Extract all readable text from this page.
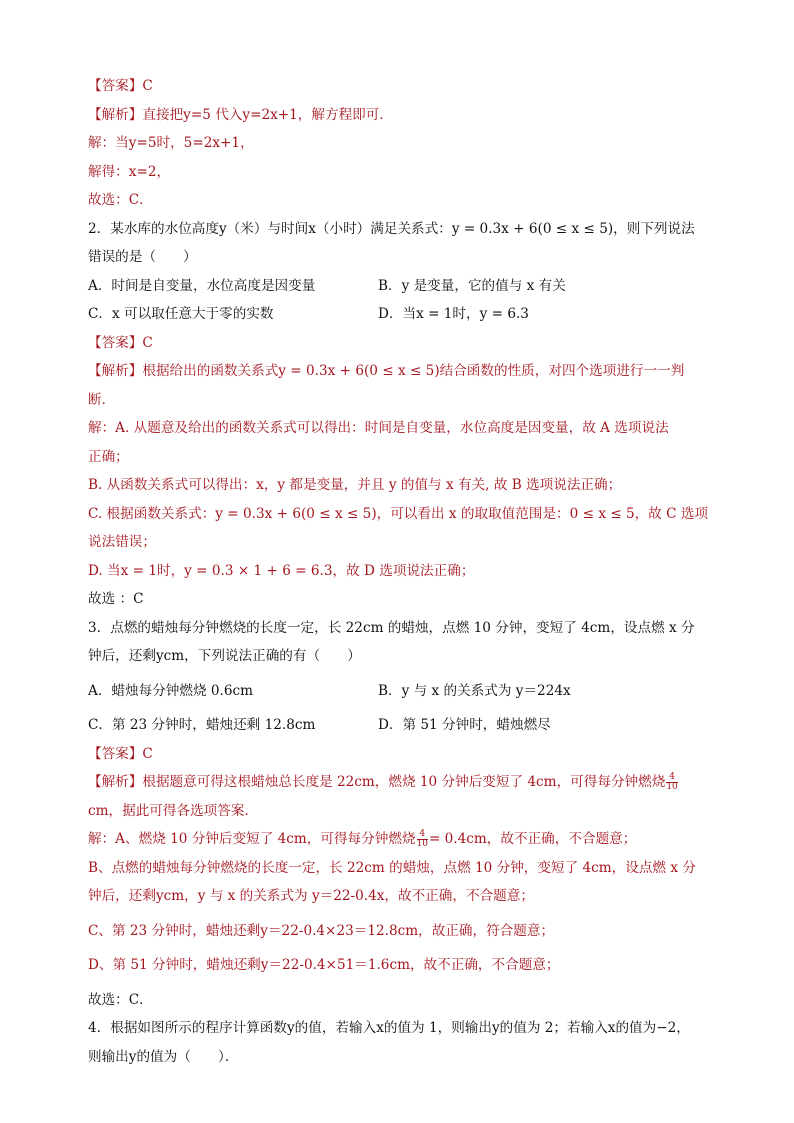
【答案】C
【解析】直接把y=5 代入y=2x+1，解方程即可．
解：当y=5时，5=2x+1，
解得：x=2，
故选：C．
2．某水库的水位高度y（米）与时间x（小时）满足关系式：y = 0.3x + 6(0 ≤ x ≤ 5)，则下列说法
错误的是（　　）
A．时间是自变量，水位高度是因变量	B．y 是变量，它的值与 x 有关
C．x 可以取任意大于零的实数	D．当x = 1时，y = 6.3
【答案】C
【解析】根据给出的函数关系式y = 0.3x + 6(0 ≤ x ≤ 5)结合函数的性质，对四个选项进行一一判
断．
解：A. 从题意及给出的函数关系式可以得出：时间是自变量，水位高度是因变量，故 A 选项说法
正确；
B. 从函数关系式可以得出：x，y 都是变量，并且 y 的值与 x 有关, 故 B 选项说法正确；
C. 根据函数关系式：y = 0.3x + 6(0 ≤ x ≤ 5)，可以看出 x 的取取值范围是：0 ≤ x ≤ 5，故 C 选项
说法错误；
D. 当x = 1时，y = 0.3 × 1 + 6 = 6.3，故 D 选项说法正确；
故选 ：C
3．点燃的蜡烛每分钟燃烧的长度一定，长 22cm 的蜡烛，点燃 10 分钟，变短了 4cm，设点燃 x 分
钟后，还剩ycm，下列说法正确的有（　　）
A．蜡烛每分钟燃烧 0.6cm	B．y 与 x 的关系式为 y＝224x
C．第 23 分钟时，蜡烛还剩 12.8cm	D．第 51 分钟时，蜡烛燃尽
【答案】C
【解析】根据题意可得这根蜡烛总长度是 22cm，燃烧 10 分钟后变短了 4cm，可得每分钟燃烧 $\frac{4}{10}$
cm，据此可得各选项答案．
解：A、燃烧 10 分钟后变短了 4cm，可得每分钟燃烧 $\frac{4}{10} = 0.4cm$，故不正确，不合题意；
B、点燃的蜡烛每分钟燃烧的长度一定，长 22cm 的蜡烛，点燃 10 分钟，变短了 4cm，设点燃 x 分
钟后，还剩ycm，y 与 x 的关系式为 y＝22-0.4x，故不正确，不合题意；
C、第 23 分钟时，蜡烛还剩y＝22-0.4×23＝12.8cm，故正确，符合题意；
D、第 51 分钟时，蜡烛还剩y＝22-0.4×51＝1.6cm，故不正确，不合题意；
故选：C．
4．根据如图所示的程序计算函数y的值，若输入x的值为 1，则输出y的值为 2；若输入x的值为−2，
则输出y的值为（　　）．
